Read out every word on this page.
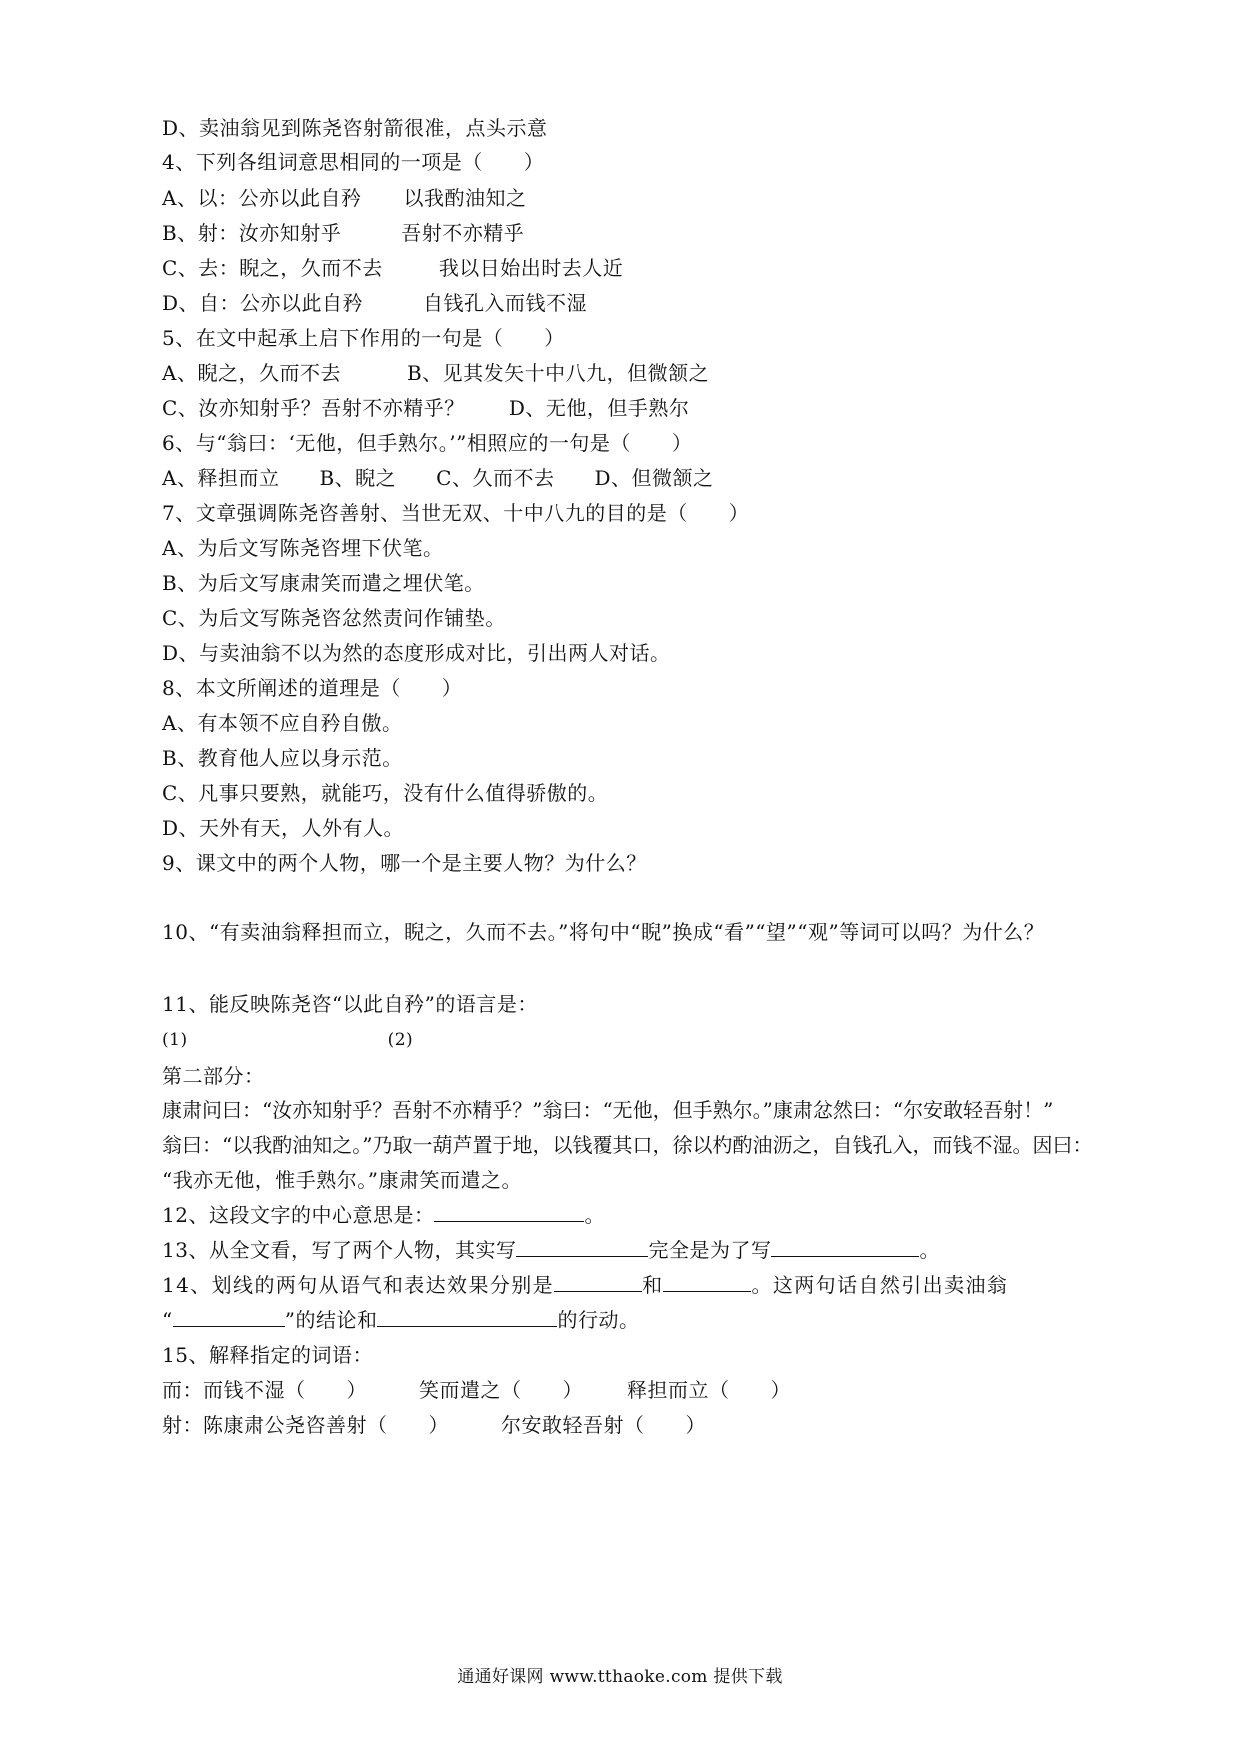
D、卖油翁见到陈尧咨射箭很准，点头示意
4、下列各组词意思相同的一项是（　　）
A、以：公亦以此自矜 以我酌油知之
B、射：汝亦知射乎	吾射不亦精乎
C、去：睨之，久而不去	我以日始出时去人近
D、自：公亦以此自矜	自钱孔入而钱不湿
5、在文中起承上启下作用的一句是（　　）
A、睨之，久而不去	B、见其发矢十中八九，但微颔之
C、汝亦知射乎？吾射不亦精乎？ D、无他，但手熟尔
6、与“翁曰：‘无他，但手熟尔。’”相照应的一句是（　　）
A、释担而立 B、睨之 C、久而不去 D、但微颔之
7、文章强调陈尧咨善射、当世无双、十中八九的目的是（　　）
A、为后文写陈尧咨埋下伏笔。
B、为后文写康肃笑而遣之埋伏笔。
C、为后文写陈尧咨忿然责问作铺垫。
D、与卖油翁不以为然的态度形成对比，引出两人对话。
8、本文所阐述的道理是（　　）
A、有本领不应自矜自傲。
B、教育他人应以身示范。
C、凡事只要熟，就能巧，没有什么值得骄傲的。
D、天外有天，人外有人。
9、课文中的两个人物，哪一个是主要人物？为什么？
10、“有卖油翁释担而立，睨之，久而不去。”将句中“睨”换成“看”“望”“观”等词可以吗？为什么？
11、能反映陈尧咨“以此自矜”的语言是：
(1)	(2)
第二部分：
康肃问曰：“汝亦知射乎？吾射不亦精乎？”翁曰：“无他，但手熟尔。”康肃忿然曰：“尔安敢轻吾射！”
翁曰：“以我酌油知之。”乃取一葫芦置于地，以钱覆其口，徐以杓酌油沥之，自钱孔入，而钱不湿。因曰：
“我亦无他，惟手熟尔。”康肃笑而遣之。
12、这段文字的中心意思是：	。
13、从全文看，写了两个人物，其实写	完全是为了写	。
14、划线的两句从语气和表达效果分别是	和	。这两句话自然引出卖油翁
“	”的结论和	的行动。
15、解释指定的词语：
而：而钱不湿（　　）	笑而遣之（　　） 释担而立（　　）
射：陈康肃公尧咨善射（　　）	尔安敢轻吾射（　　）
通通好课网 www.tthaoke.com 提供下载
